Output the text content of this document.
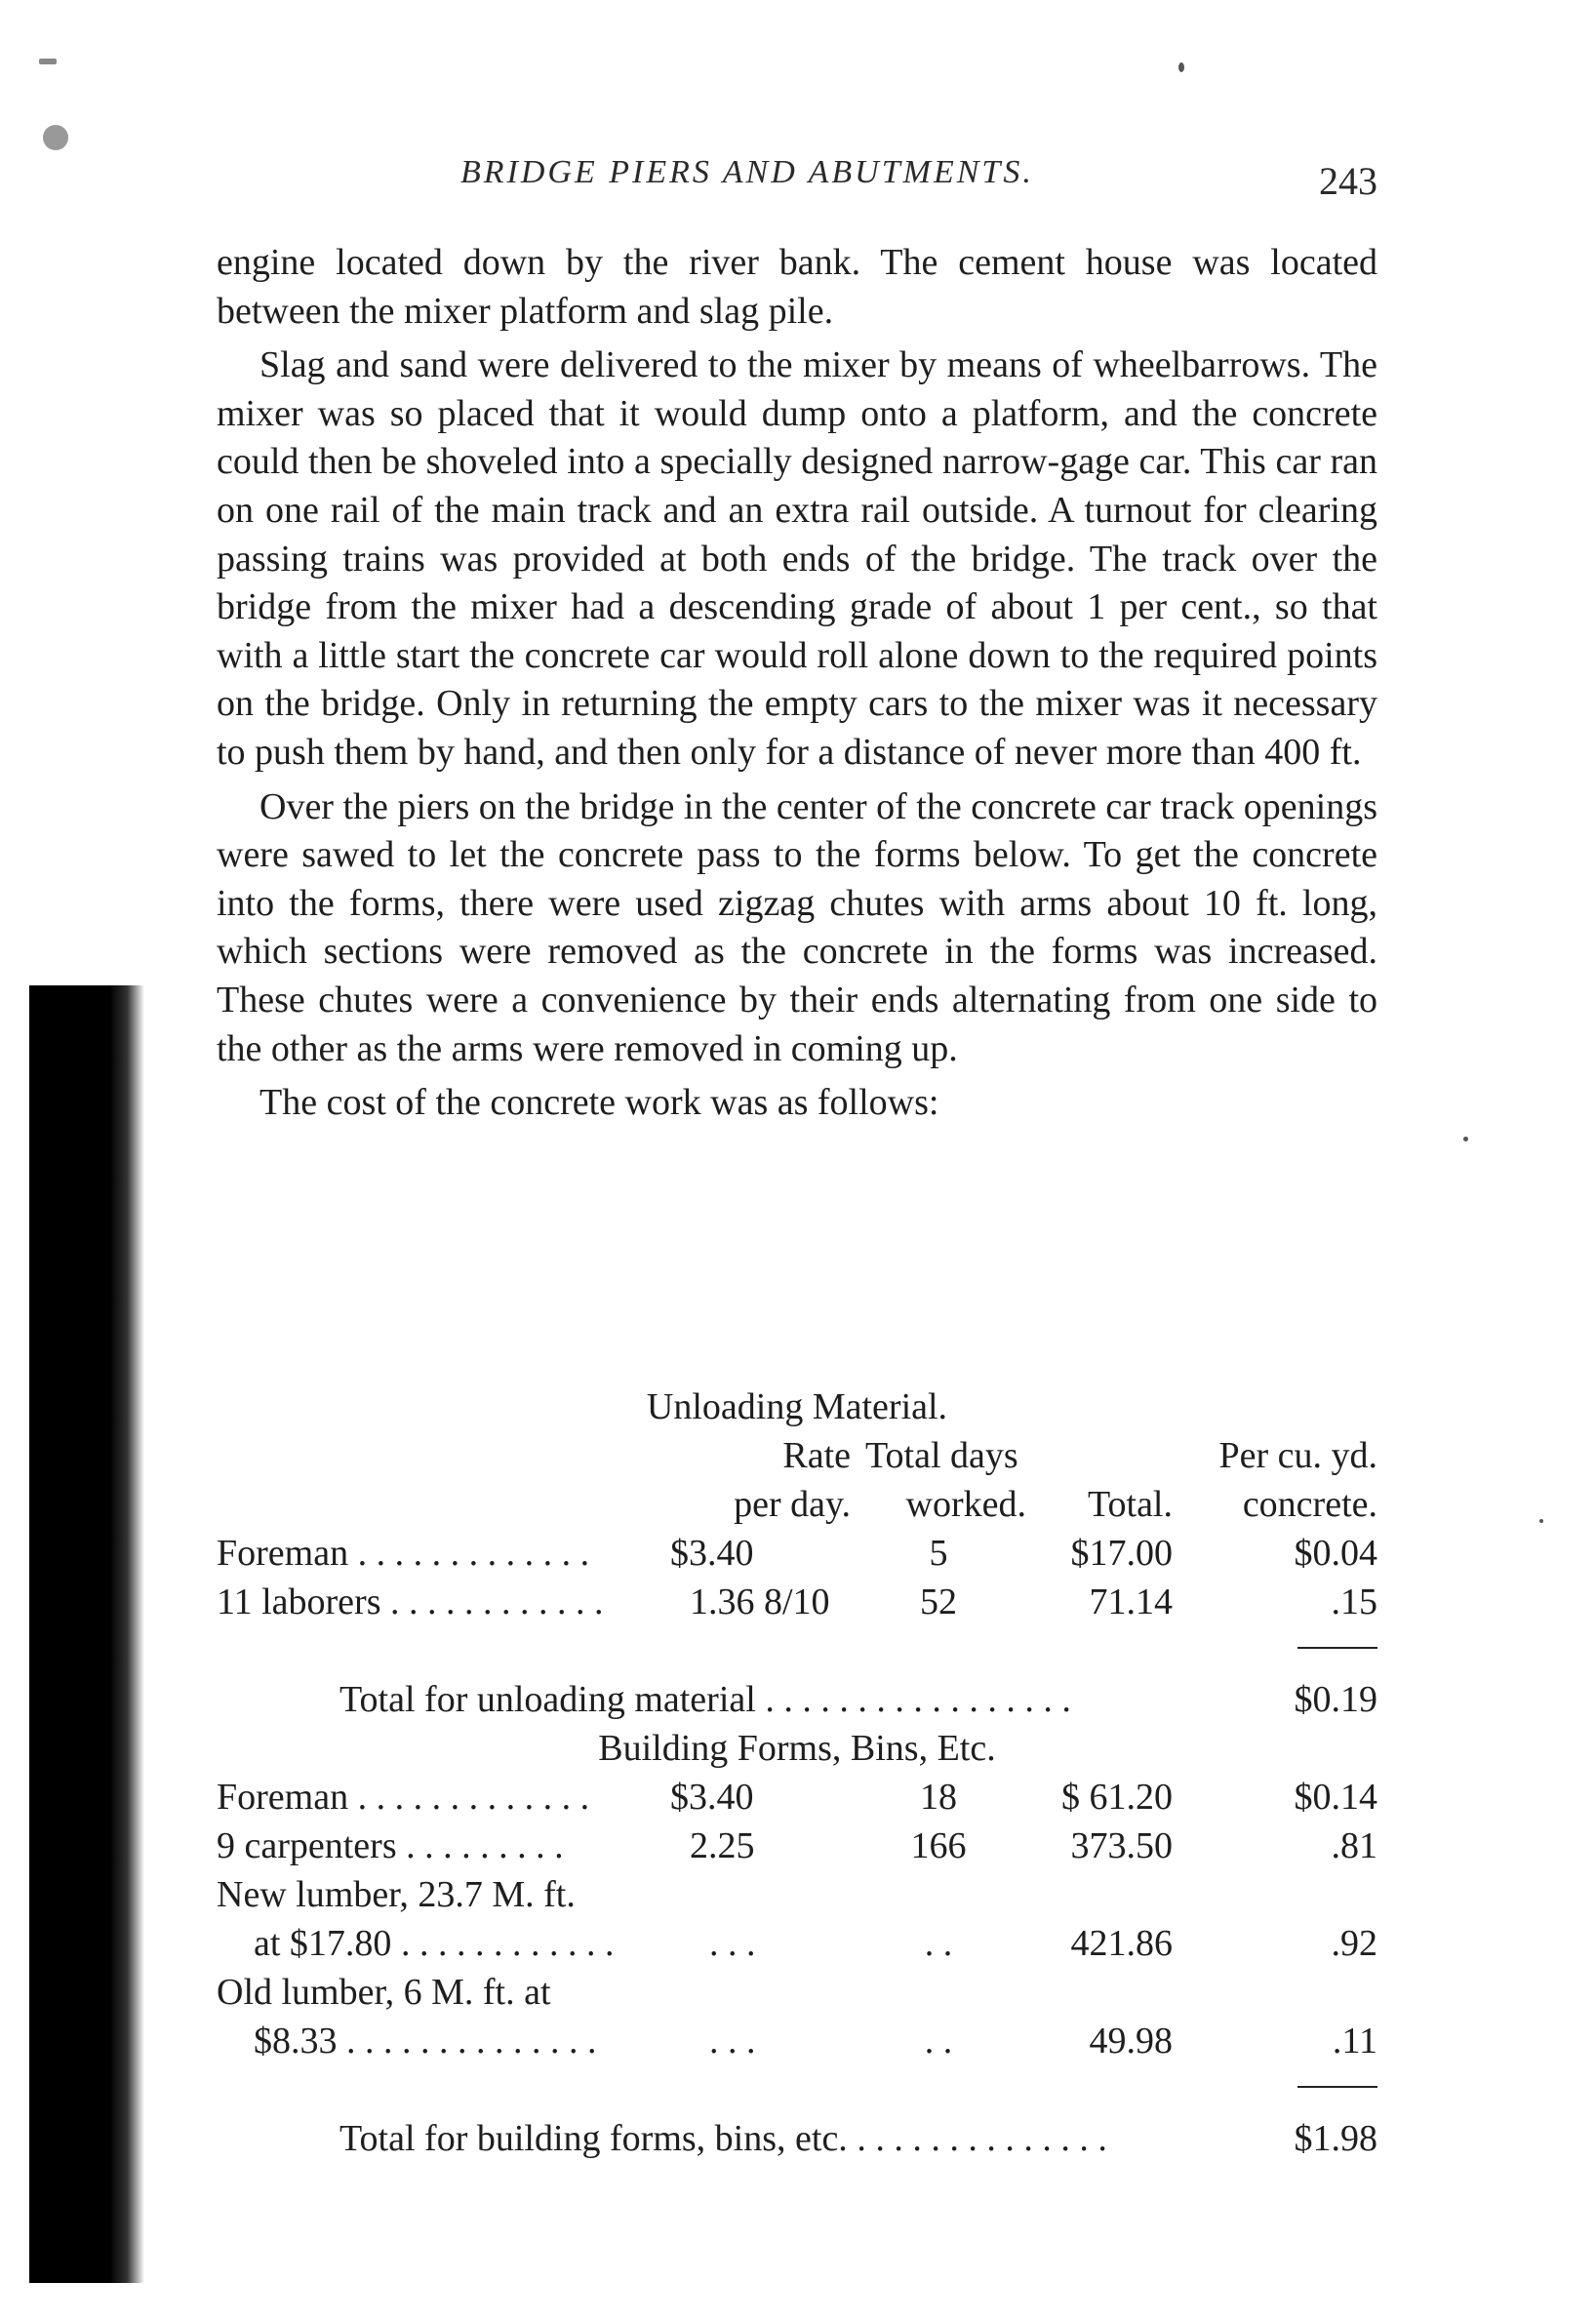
BRIDGE PIERS AND ABUTMENTS.	243

engine located down by the river bank. The cement house was located between the mixer platform and slag pile.

Slag and sand were delivered to the mixer by means of wheelbarrows. The mixer was so placed that it would dump onto a platform, and the concrete could then be shoveled into a specially designed narrow-gage car. This car ran on one rail of the main track and an extra rail outside. A turnout for clearing passing trains was provided at both ends of the bridge. The track over the bridge from the mixer had a descending grade of about 1 per cent., so that with a little start the concrete car would roll alone down to the required points on the bridge. Only in returning the empty cars to the mixer was it necessary to push them by hand, and then only for a distance of never more than 400 ft.

Over the piers on the bridge in the center of the concrete car track openings were sawed to let the concrete pass to the forms below. To get the concrete into the forms, there were used zigzag chutes with arms about 10 ft. long, which sections were removed as the concrete in the forms was increased. These chutes were a convenience by their ends alternating from one side to the other as the arms were removed in coming up.

The cost of the concrete work was as follows:

Unloading Material.
Rate Total days	Per cu. yd.
per day.	worked.	Total.	concrete.
Foreman . . . . . . . . . . . . . $3.40	5	$17.00	$0.04
11 laborers . . . . . . . . . . . . 1.36 8/10	52	71.14	.15
Total for unloading material . . . . . . . . . . . . . . . . .	$0.19
Building Forms, Bins, Etc.
Foreman . . . . . . . . . . . . . $3.40	18	$ 61.20	$0.14
9 carpenters . . . . . . . . .	2.25	166	373.50	.81
New lumber, 23.7 M. ft.
at $17.80 . . . . . . . . . . . .	. . .	. .	421.86	.92
Old lumber, 6 M. ft. at
$8.33 . . . . . . . . . . . . . .	. . .	. .	49.98	.11
Total for building forms, bins, etc. . . . . . . . . . . . . . .	$1.98
